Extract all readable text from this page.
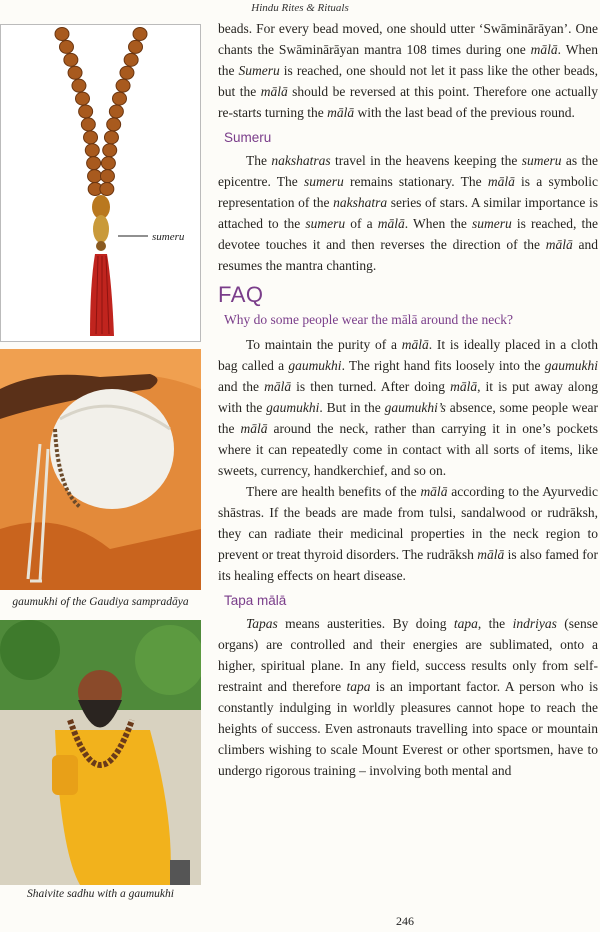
Hindu Rites & Rituals
sumeru
gaumukhi of the Gaudiya sampradāya
Shaivite sadhu with a gaumukhi

beads. For every bead moved, one should utter ‘Swāminārāyan’. One chants the Swāminārāyan mantra 108 times during one mālā. When the Sumeru is reached, one should not let it pass like the other beads, but the mālā should be reversed at this point. Therefore one actually re-starts turning the mālā with the last bead of the previous round.

Sumeru

The nakshatras travel in the heavens keeping the sumeru as the epicentre. The sumeru remains stationary. The mālā is a symbolic representation of the nakshatra series of stars. A similar importance is attached to the sumeru of a mālā. When the sumeru is reached, the devotee touches it and then reverses the direction of the mālā and resumes the mantra chanting.

FAQ
Why do some people wear the mālā around the neck?

To maintain the purity of a mālā. It is ideally placed in a cloth bag called a gaumukhi. The right hand fits loosely into the gaumukhi and the mālā is then turned. After doing mālā, it is put away along with the gaumukhi. But in the gaumukhi’s absence, some people wear the mālā around the neck, rather than carrying it in one’s pockets where it can repeatedly come in contact with all sorts of items, like sweets, currency, handkerchief, and so on.

There are health benefits of the mālā according to the Ayurvedic shāstras. If the beads are made from tulsi, sandalwood or rudrāksh, they can radiate their medicinal properties in the neck region to prevent or treat thyroid disorders. The rudrāksh mālā is also famed for its healing effects on heart disease.

Tapa mālā

Tapas means austerities. By doing tapa, the indriyas (sense organs) are controlled and their energies are sublimated, onto a higher, spiritual plane. In any field, success results only from self-restraint and therefore tapa is an important factor. A person who is constantly indulging in worldly pleasures cannot hope to reach the heights of success. Even astronauts travelling into space or mountain climbers wishing to scale Mount Everest or other sportsmen, have to undergo rigorous training – involving both mental and

246
